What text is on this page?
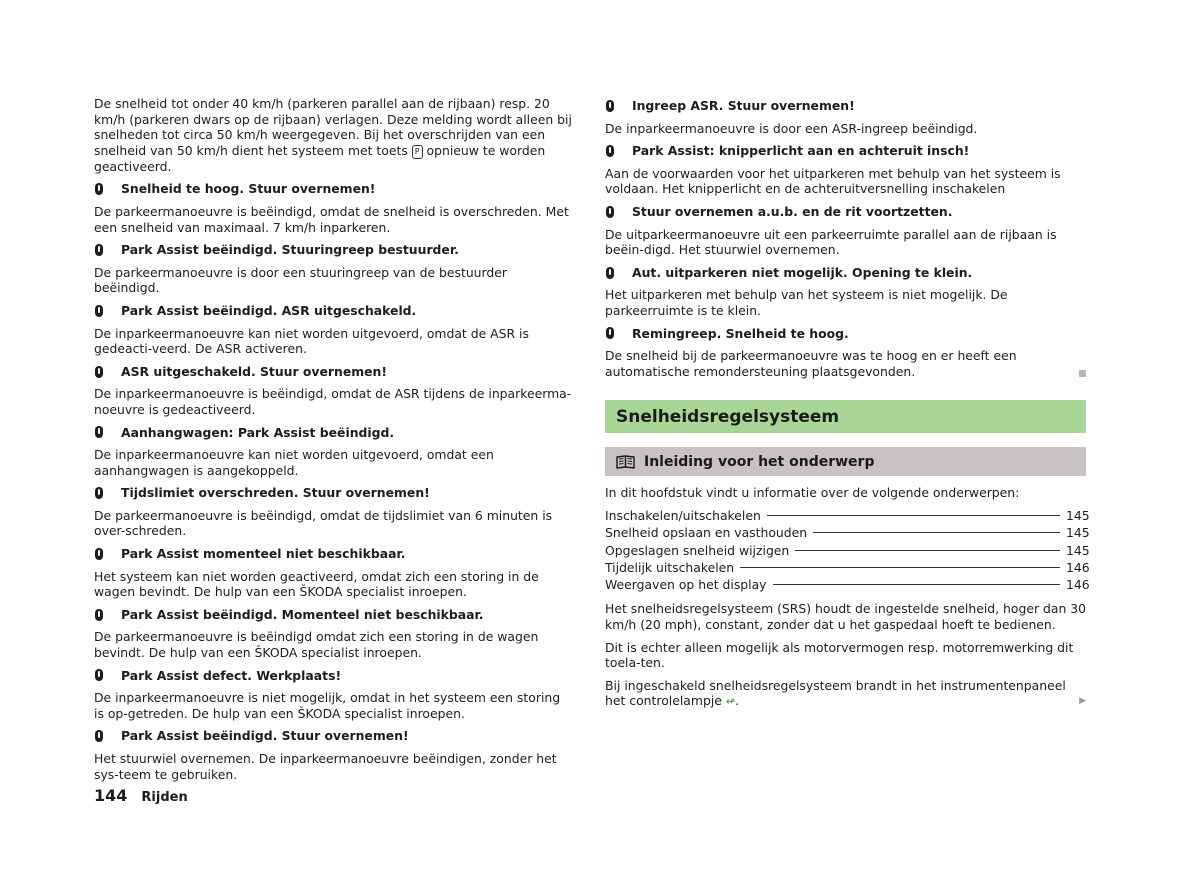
De snelheid tot onder 40 km/h (parkeren parallel aan de rijbaan) resp. 20 km/h (parkeren dwars op de rijbaan) verlagen. Deze melding wordt alleen bij snelheden tot circa 50 km/h weergegeven. Bij het overschrijden van een snelheid van 50 km/h dient het systeem met toets P opnieuw te worden geactiveerd.

Snelheid te hoog. Stuur overnemen!

De parkeermanoeuvre is beëindigd, omdat de snelheid is overschreden. Met een snelheid van maximaal. 7 km/h inparkeren.

Park Assist beëindigd. Stuuringreep bestuurder.

De parkeermanoeuvre is door een stuuringreep van de bestuurder beëindigd.

Park Assist beëindigd. ASR uitgeschakeld.

De inparkeermanoeuvre kan niet worden uitgevoerd, omdat de ASR is gedeacti-veerd. De ASR activeren.

ASR uitgeschakeld. Stuur overnemen!

De inparkeermanoeuvre is beëindigd, omdat de ASR tijdens de inparkeerma-noeuvre is gedeactiveerd.

Aanhangwagen: Park Assist beëindigd.

De inparkeermanoeuvre kan niet worden uitgevoerd, omdat een aanhangwagen is aangekoppeld.

Tijdslimiet overschreden. Stuur overnemen!

De parkeermanoeuvre is beëindigd, omdat de tijdslimiet van 6 minuten is over-schreden.

Park Assist momenteel niet beschikbaar.

Het systeem kan niet worden geactiveerd, omdat zich een storing in de wagen bevindt. De hulp van een ŠKODA specialist inroepen.

Park Assist beëindigd. Momenteel niet beschikbaar.

De parkeermanoeuvre is beëindigd omdat zich een storing in de wagen bevindt. De hulp van een ŠKODA specialist inroepen.

Park Assist defect. Werkplaats!

De inparkeermanoeuvre is niet mogelijk, omdat in het systeem een storing is op-getreden. De hulp van een ŠKODA specialist inroepen.

Park Assist beëindigd. Stuur overnemen!

Het stuurwiel overnemen. De inparkeermanoeuvre beëindigen, zonder het sys-teem te gebruiken.

Ingreep ASR. Stuur overnemen!

De inparkeermanoeuvre is door een ASR-ingreep beëindigd.

Park Assist: knipperlicht aan en achteruit insch!

Aan de voorwaarden voor het uitparkeren met behulp van het systeem is voldaan. Het knipperlicht en de achteruitversnelling inschakelen

Stuur overnemen a.u.b. en de rit voortzetten.

De uitparkeermanoeuvre uit een parkeerruimte parallel aan de rijbaan is beëin-digd. Het stuurwiel overnemen.

Aut. uitparkeren niet mogelijk. Opening te klein.

Het uitparkeren met behulp van het systeem is niet mogelijk. De parkeerruimte is te klein.

Remingreep. Snelheid te hoog.

De snelheid bij de parkeermanoeuvre was te hoog en er heeft een automatische remondersteuning plaatsgevonden.

Snelheidsregelsysteem
Inleiding voor het onderwerp

In dit hoofdstuk vindt u informatie over de volgende onderwerpen:

Inschakelen/uitschakelen	145
Snelheid opslaan en vasthouden	145
Opgeslagen snelheid wijzigen	145
Tijdelijk uitschakelen	146
Weergaven op het display	146

Het snelheidsregelsysteem (SRS) houdt de ingestelde snelheid, hoger dan 30 km/h (20 mph), constant, zonder dat u het gaspedaal hoeft te bedienen.

Dit is echter alleen mogelijk als motorvermogen resp. motorremwerking dit toela-ten.

Bij ingeschakeld snelheidsregelsysteem brandt in het instrumentenpaneel het controlelampje ↫.	▶

144 Rijden
